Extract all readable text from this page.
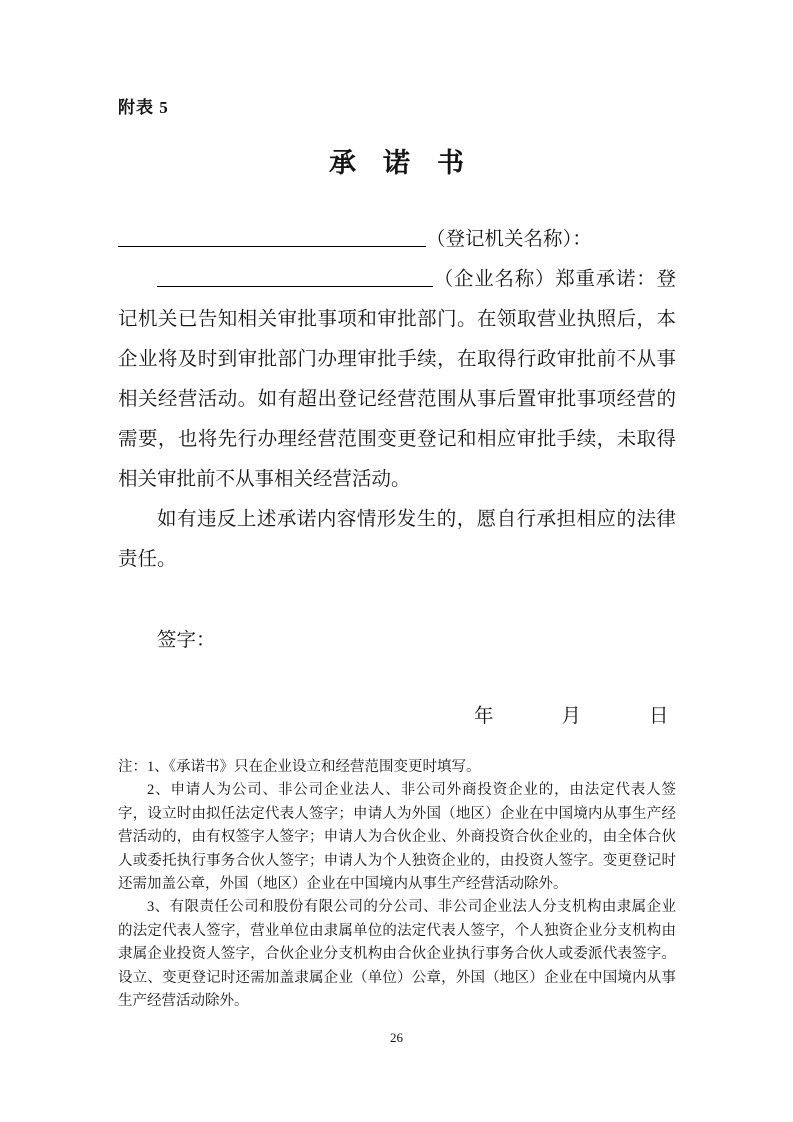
附表 5
承　诺　书

（登记机关名称）：

（企业名称）郑重承诺：登记机关已告知相关审批事项和审批部门。在领取营业执照后，本企业将及时到审批部门办理审批手续，在取得行政审批前不从事相关经营活动。如有超出登记经营范围从事后置审批事项经营的需要，也将先行办理经营范围变更登记和相应审批手续，未取得相关审批前不从事相关经营活动。

如有违反上述承诺内容情形发生的，愿自行承担相应的法律责任。

签字：
年	月	日

注：1、《承诺书》只在企业设立和经营范围变更时填写。

2、申请人为公司、非公司企业法人、非公司外商投资企业的，由法定代表人签字，设立时由拟任法定代表人签字；申请人为外国（地区）企业在中国境内从事生产经营活动的，由有权签字人签字；申请人为合伙企业、外商投资合伙企业的，由全体合伙人或委托执行事务合伙人签字；申请人为个人独资企业的，由投资人签字。变更登记时还需加盖公章，外国（地区）企业在中国境内从事生产经营活动除外。

3、有限责任公司和股份有限公司的分公司、非公司企业法人分支机构由隶属企业的法定代表人签字，营业单位由隶属单位的法定代表人签字，个人独资企业分支机构由隶属企业投资人签字，合伙企业分支机构由合伙企业执行事务合伙人或委派代表签字。设立、变更登记时还需加盖隶属企业（单位）公章，外国（地区）企业在中国境内从事生产经营活动除外。

26
